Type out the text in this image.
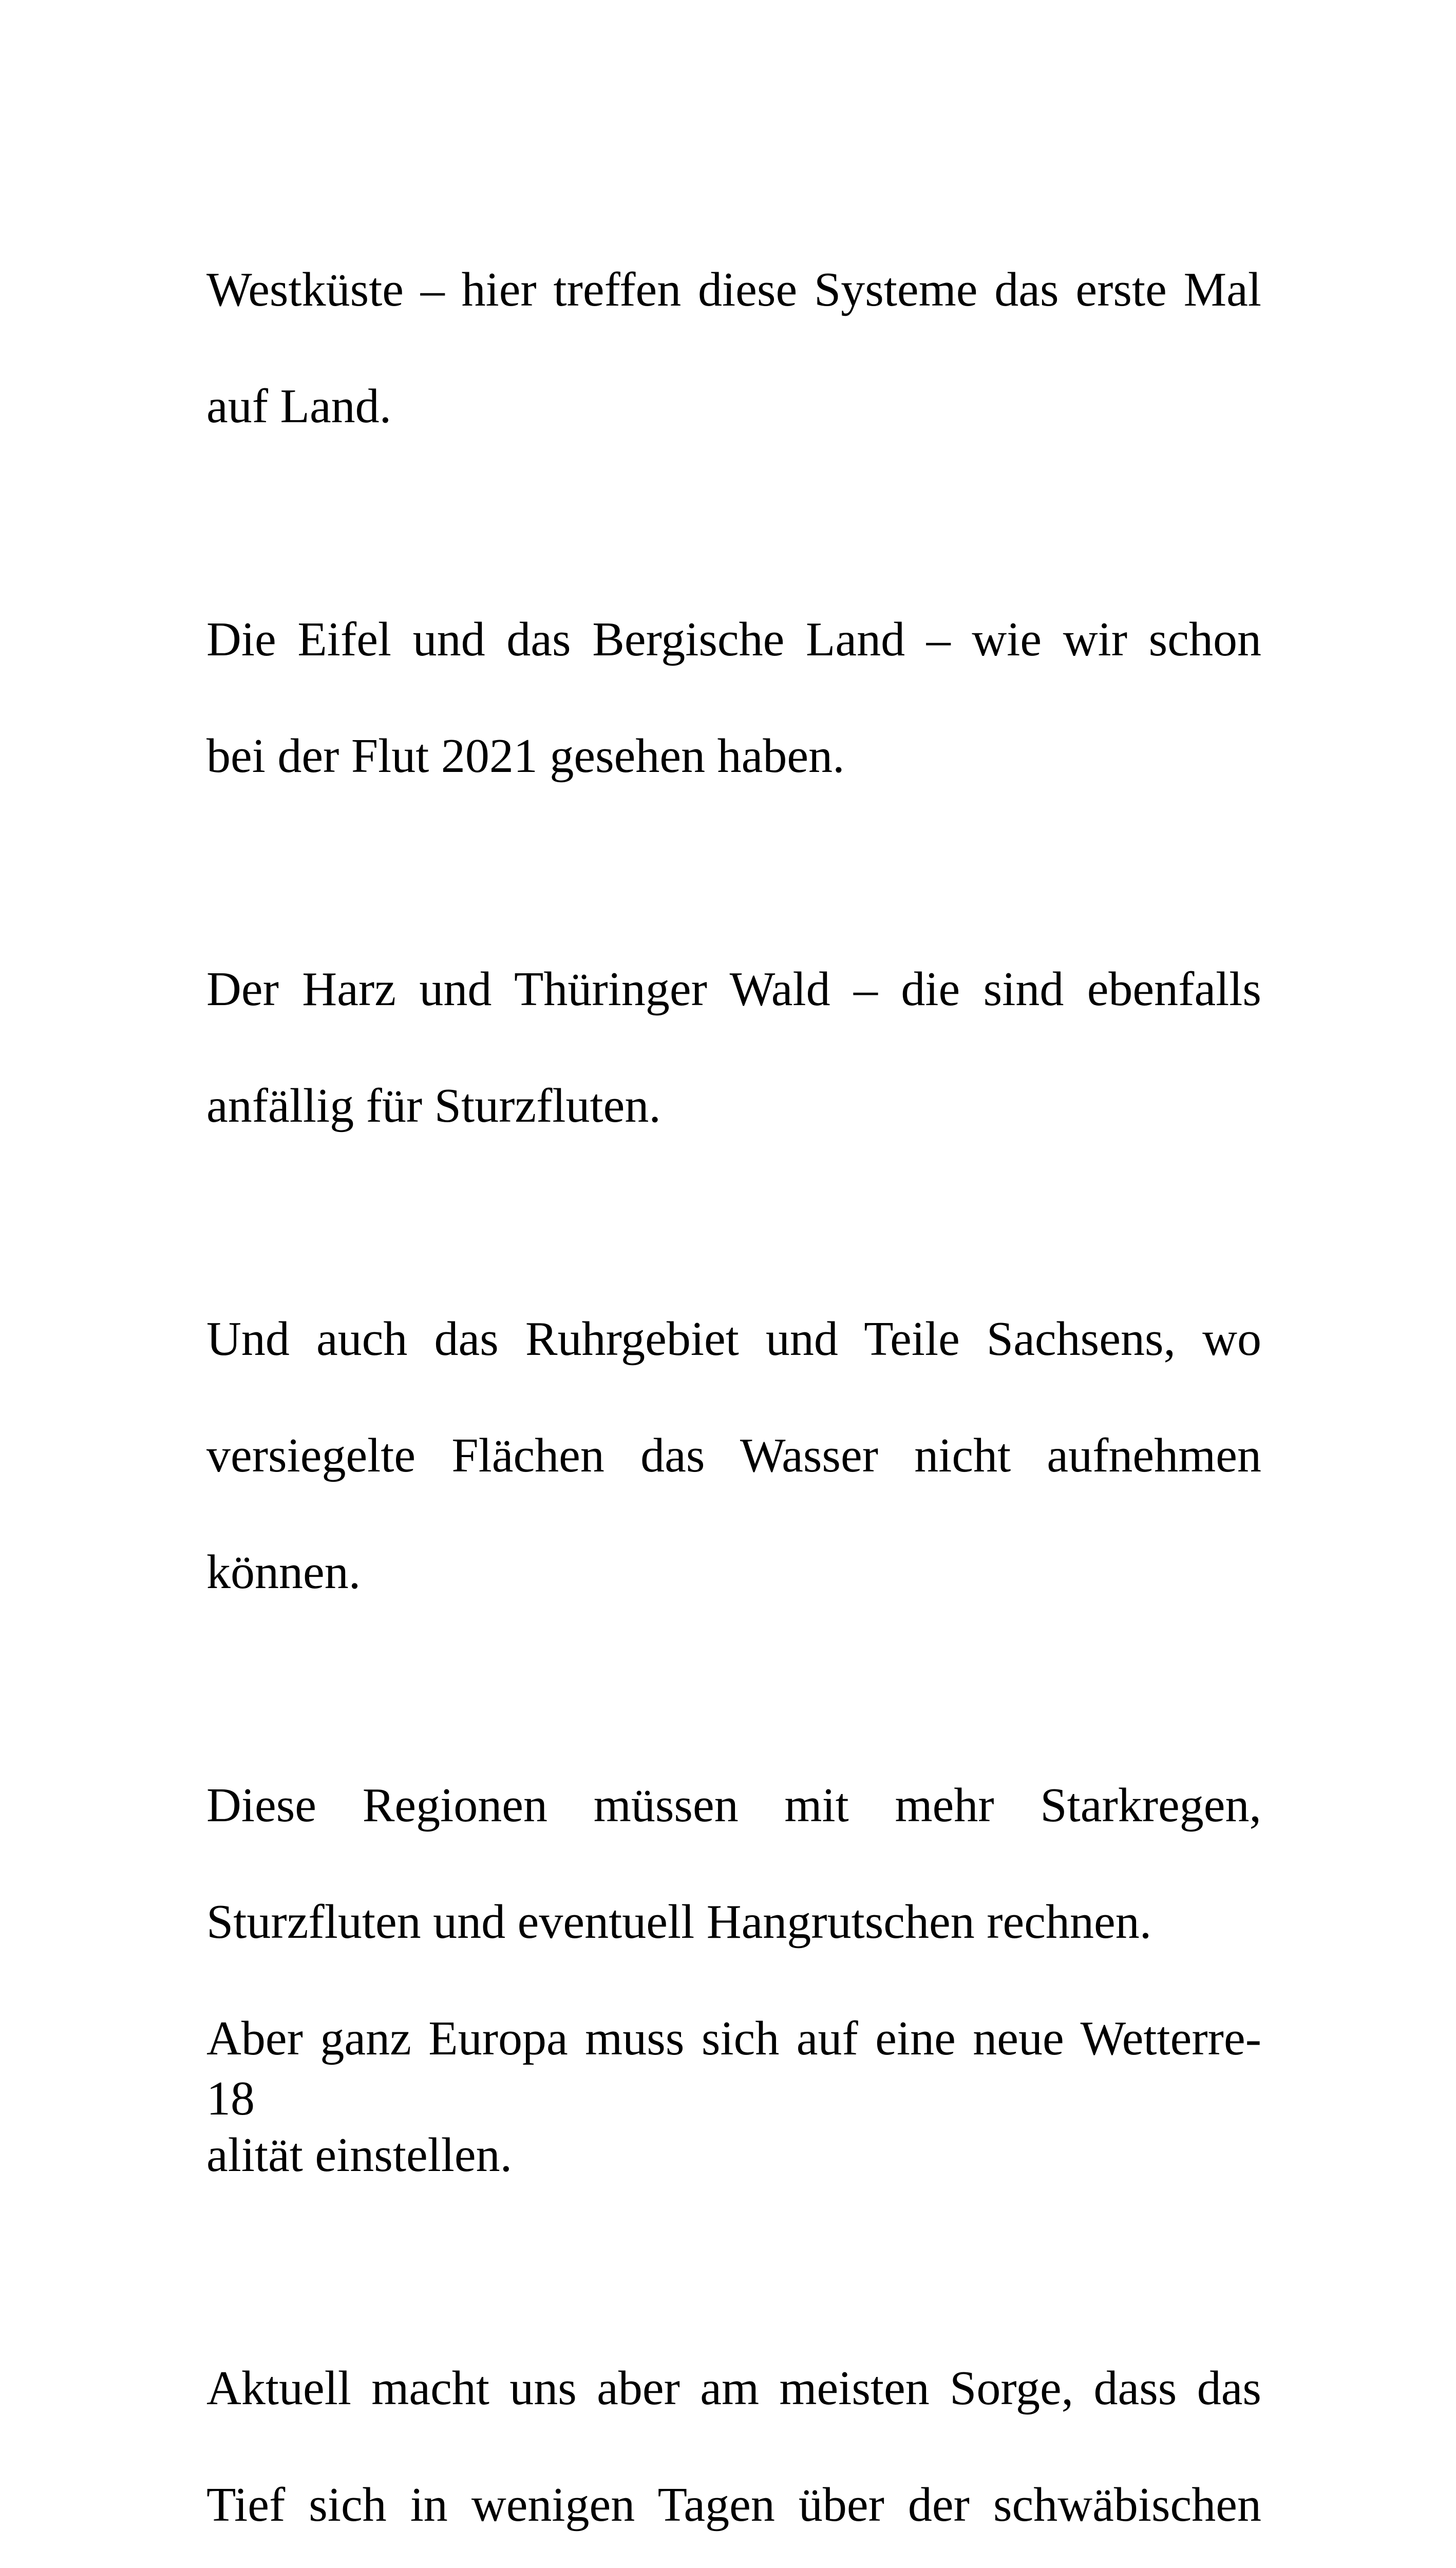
Westküste – hier treffen diese Systeme das erste Mal

auf Land.

Die Eifel und das Bergische Land – wie wir schon

bei der Flut 2021 gesehen haben.

Der Harz und Thüringer Wald – die sind ebenfalls

anfällig für Sturzfluten.

Und auch das Ruhrgebiet und Teile Sachsens, wo

versiegelte Flächen das Wasser nicht aufnehmen

können.

Diese Regionen müssen mit mehr Starkregen,

Sturzfluten und eventuell Hangrutschen rechnen.

Aber ganz Europa muss sich auf eine neue Wetterre-

alität einstellen.

Aktuell macht uns aber am meisten Sorge, dass das

Tief sich in wenigen Tagen über der schwäbischen

18
